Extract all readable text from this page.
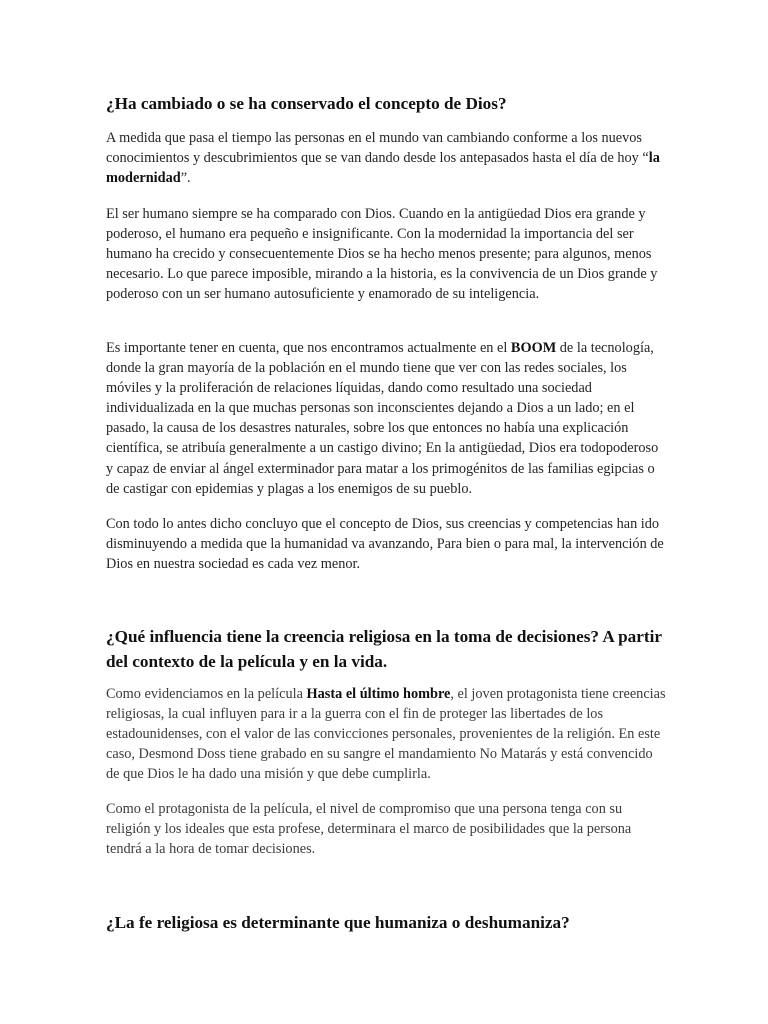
¿Ha cambiado o se ha conservado el concepto de Dios?

A medida que pasa el tiempo las personas en el mundo van cambiando conforme a los nuevos conocimientos y descubrimientos que se van dando desde los antepasados hasta el día de hoy “la modernidad”.

El ser humano siempre se ha comparado con Dios. Cuando en la antigüedad Dios era grande y poderoso, el humano era pequeño e insignificante. Con la modernidad la importancia del ser humano ha crecido y consecuentemente Dios se ha hecho menos presente; para algunos, menos necesario. Lo que parece imposible, mirando a la historia, es la convivencia de un Dios grande y poderoso con un ser humano autosuficiente y enamorado de su inteligencia.

Es importante tener en cuenta, que nos encontramos actualmente en el BOOM de la tecnología, donde la gran mayoría de la población en el mundo tiene que ver con las redes sociales, los móviles y la proliferación de relaciones líquidas, dando como resultado una sociedad individualizada en la que muchas personas son inconscientes dejando a Dios a un lado; en el pasado, la causa de los desastres naturales, sobre los que entonces no había una explicación científica, se atribuía generalmente a un castigo divino; En la antigüedad, Dios era todopoderoso y capaz de enviar al ángel exterminador para matar a los primogénitos de las familias egipcias o de castigar con epidemias y plagas a los enemigos de su pueblo.

Con todo lo antes dicho concluyo que el concepto de Dios, sus creencias y competencias han ido disminuyendo a medida que la humanidad va avanzando, Para bien o para mal, la intervención de Dios en nuestra sociedad es cada vez menor.

¿Qué influencia tiene la creencia religiosa en la toma de decisiones? A partir del contexto de la película y en la vida.

Como evidenciamos en la película Hasta el último hombre, el joven protagonista tiene creencias religiosas, la cual influyen para ir a la guerra con el fin de proteger las libertades de los estadounidenses, con el valor de las convicciones personales, provenientes de la religión. En este caso, Desmond Doss tiene grabado en su sangre el mandamiento No Matarás y está convencido de que Dios le ha dado una misión y que debe cumplirla.

Como el protagonista de la película, el nivel de compromiso que una persona tenga con su religión y los ideales que esta profese, determinara el marco de posibilidades que la persona tendrá a la hora de tomar decisiones.

¿La fe religiosa es determinante que humaniza o deshumaniza?
